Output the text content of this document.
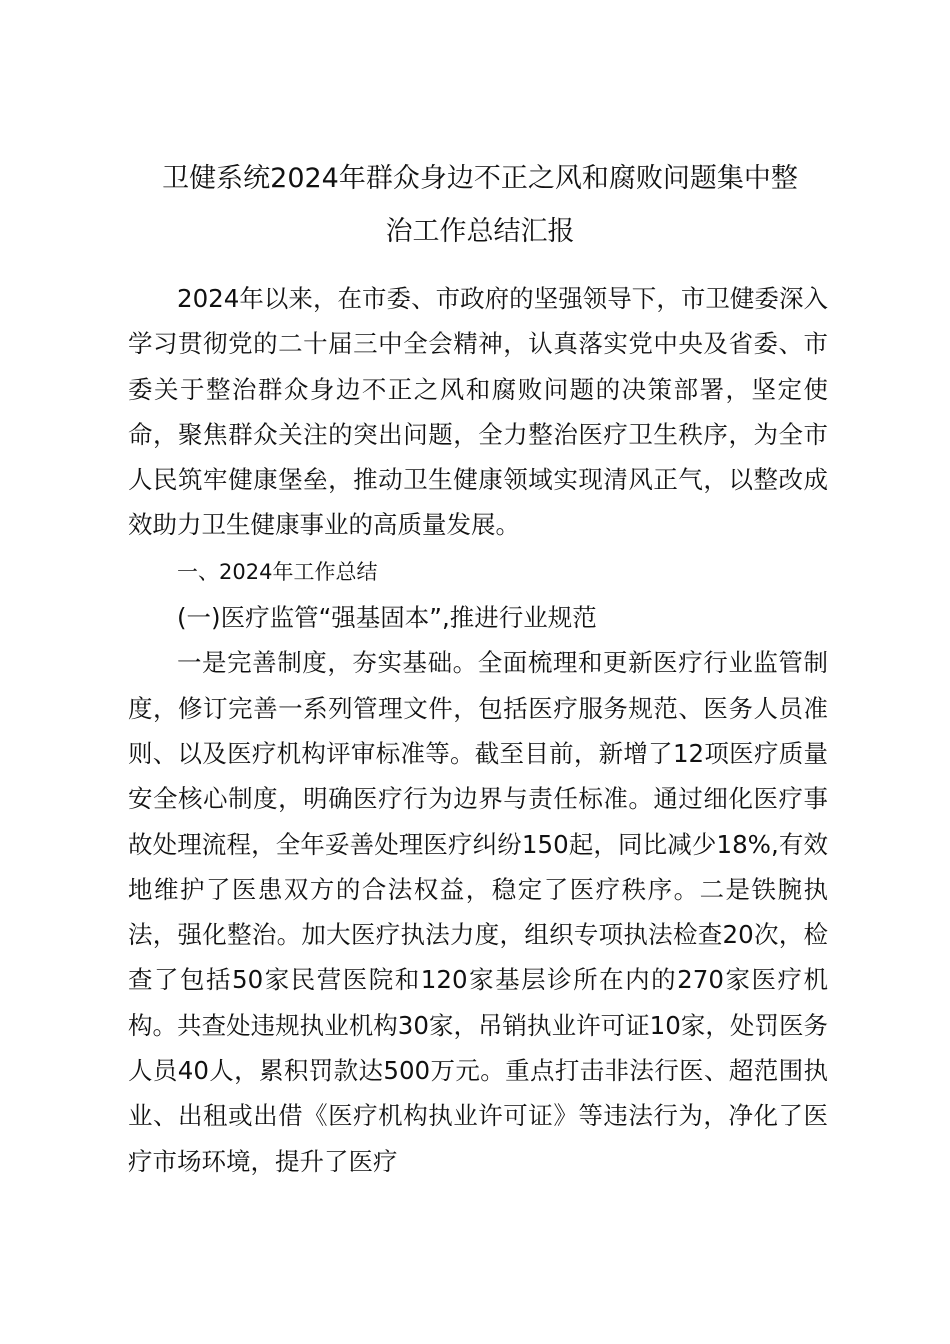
卫健系统2024年群众身边不正之风和腐败问题集中整
治工作总结汇报

2024年以来，在市委、市政府的坚强领导下，市卫健委深入学习贯彻党的二十届三中全会精神，认真落实党中央及省委、市委关于整治群众身边不正之风和腐败问题的决策部署，坚定使命，聚焦群众关注的突出问题，全力整治医疗卫生秩序，为全市人民筑牢健康堡垒，推动卫生健康领域实现清风正气，以整改成效助力卫生健康事业的高质量发展。

一、2024年工作总结

(一)医疗监管“强基固本”,推进行业规范

一是完善制度，夯实基础。全面梳理和更新医疗行业监管制度，修订完善一系列管理文件，包括医疗服务规范、医务人员准则、以及医疗机构评审标准等。截至目前，新增了12项医疗质量安全核心制度，明确医疗行为边界与责任标准。通过细化医疗事故处理流程，全年妥善处理医疗纠纷150起，同比减少18%,有效地维护了医患双方的合法权益，稳定了医疗秩序。二是铁腕执法，强化整治。加大医疗执法力度，组织专项执法检查20次，检查了包括50家民营医院和120家基层诊所在内的270家医疗机构。共查处违规执业机构30家，吊销执业许可证10家，处罚医务人员40人，累积罚款达500万元。重点打击非法行医、超范围执业、出租或出借《医疗机构执业许可证》等违法行为，净化了医疗市场环境，提升了医疗
